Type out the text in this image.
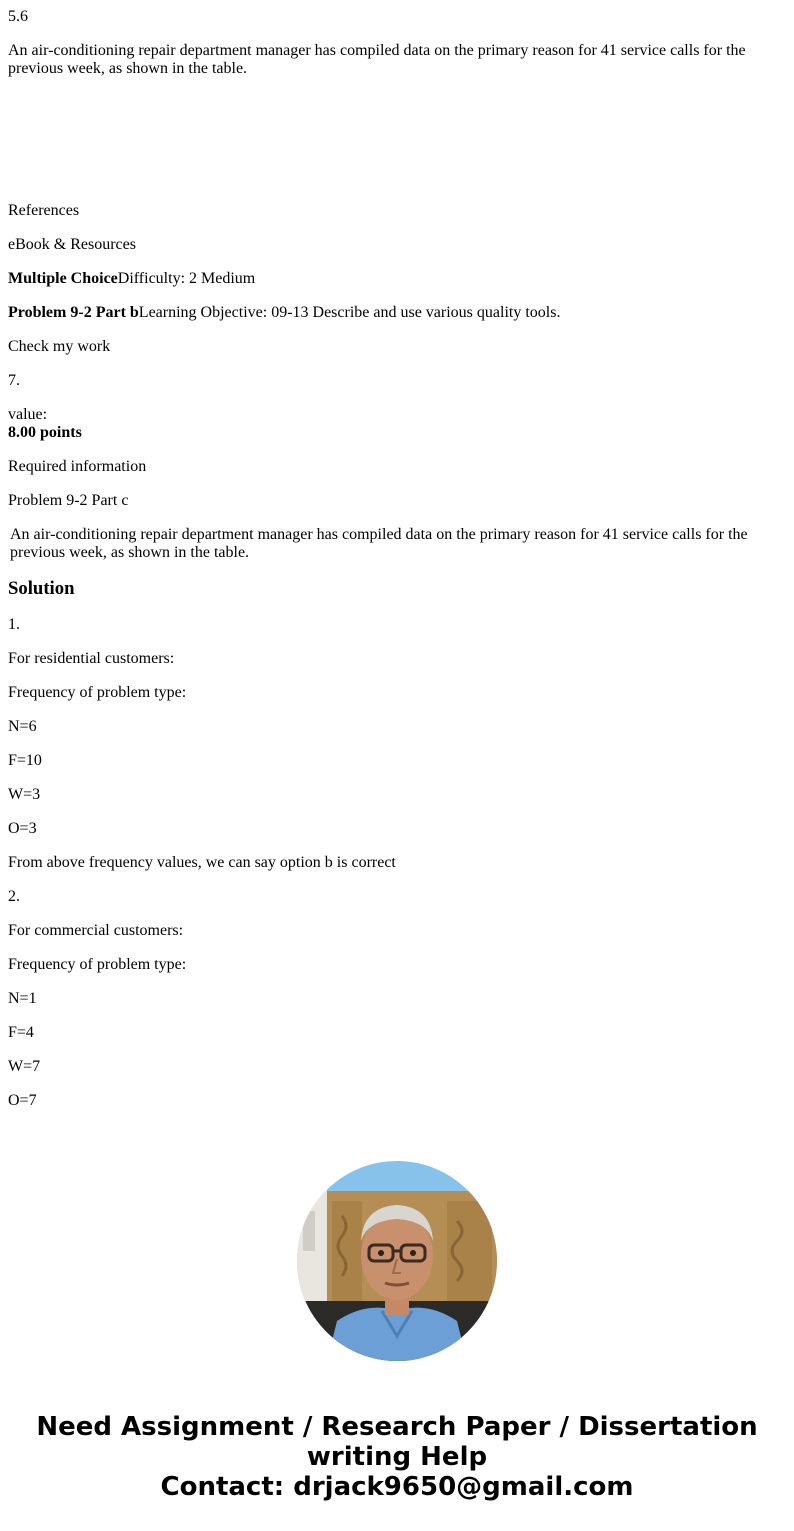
5.6

An air-conditioning repair department manager has compiled data on the primary reason for 41 service calls for the previous week, as shown in the table.

References

eBook & Resources

Multiple ChoiceDifficulty: 2 Medium

Problem 9-2 Part bLearning Objective: 09-13 Describe and use various quality tools.

Check my work

7.

value:
8.00 points

Required information

Problem 9-2 Part c

An air-conditioning repair department manager has compiled data on the primary reason for 41 service calls for the previous week, as shown in the table.
Solution

1.

For residential customers:

Frequency of problem type:

N=6

F=10

W=3

O=3

From above frequency values, we can say option b is correct

2.

For commercial customers:

Frequency of problem type:

N=1

F=4

W=7

O=7

Need Assignment / Research Paper / Dissertation
writing Help
Contact: drjack9650@gmail.com
